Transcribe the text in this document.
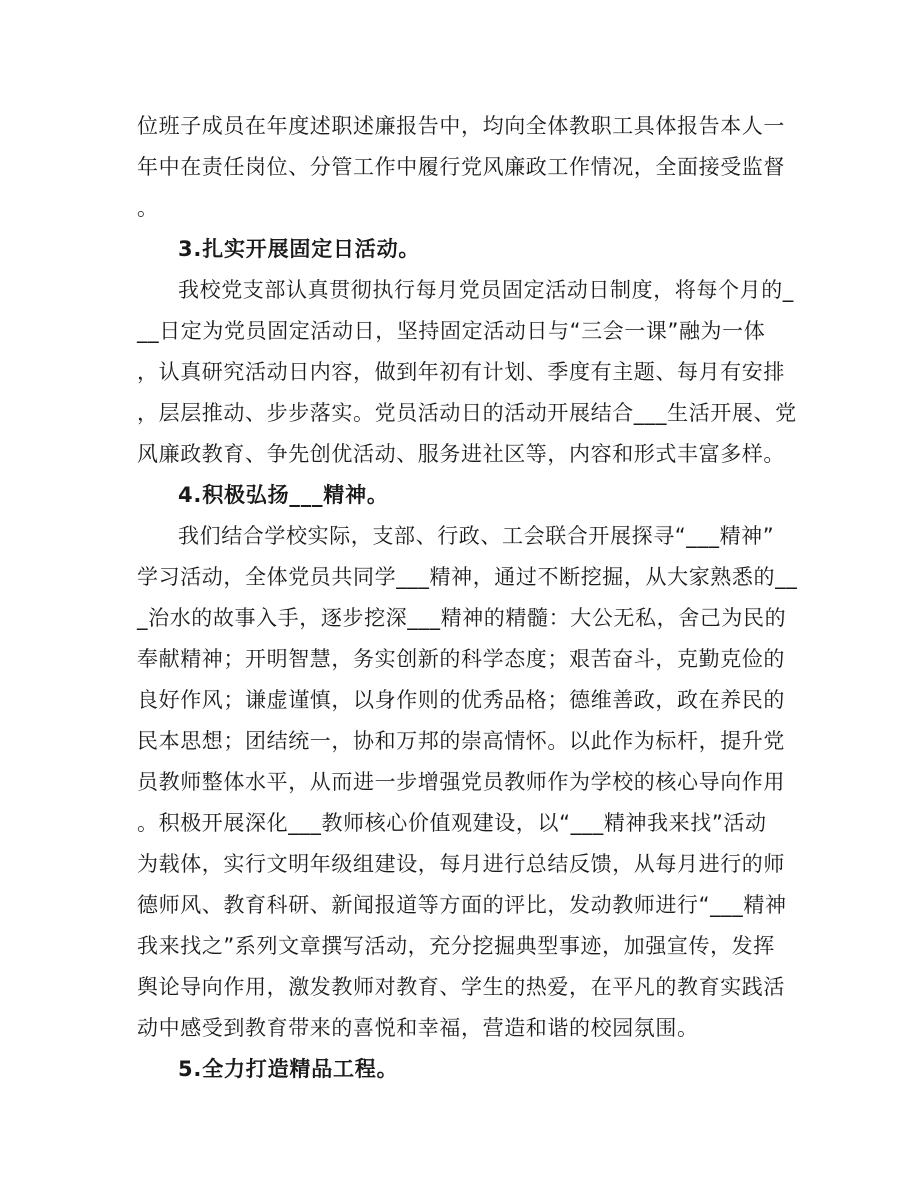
位班子成员在年度述职述廉报告中，均向全体教职工具体报告本人一
年中在责任岗位、分管工作中履行党风廉政工作情况，全面接受监督
。
3.扎实开展固定日活动。
我校党支部认真贯彻执行每月党员固定活动日制度，将每个月的_
__日定为党员固定活动日，坚持固定活动日与“三会一课”融为一体
，认真研究活动日内容，做到年初有计划、季度有主题、每月有安排
，层层推动、步步落实。党员活动日的活动开展结合___生活开展、党
风廉政教育、争先创优活动、服务进社区等，内容和形式丰富多样。
4.积极弘扬___精神。
我们结合学校实际，支部、行政、工会联合开展探寻“___精神”
学习活动，全体党员共同学___精神，通过不断挖掘，从大家熟悉的__
_治水的故事入手，逐步挖深___精神的精髓：大公无私，舍己为民的
奉献精神；开明智慧，务实创新的科学态度；艰苦奋斗，克勤克俭的
良好作风；谦虚谨慎，以身作则的优秀品格；德维善政，政在养民的
民本思想；团结统一，协和万邦的崇高情怀。以此作为标杆，提升党
员教师整体水平，从而进一步增强党员教师作为学校的核心导向作用
。积极开展深化___教师核心价值观建设，以“___精神我来找”活动
为载体，实行文明年级组建设，每月进行总结反馈，从每月进行的师
德师风、教育科研、新闻报道等方面的评比，发动教师进行“___精神
我来找之”系列文章撰写活动，充分挖掘典型事迹，加强宣传，发挥
舆论导向作用，激发教师对教育、学生的热爱，在平凡的教育实践活
动中感受到教育带来的喜悦和幸福，营造和谐的校园氛围。
5.全力打造精品工程。
